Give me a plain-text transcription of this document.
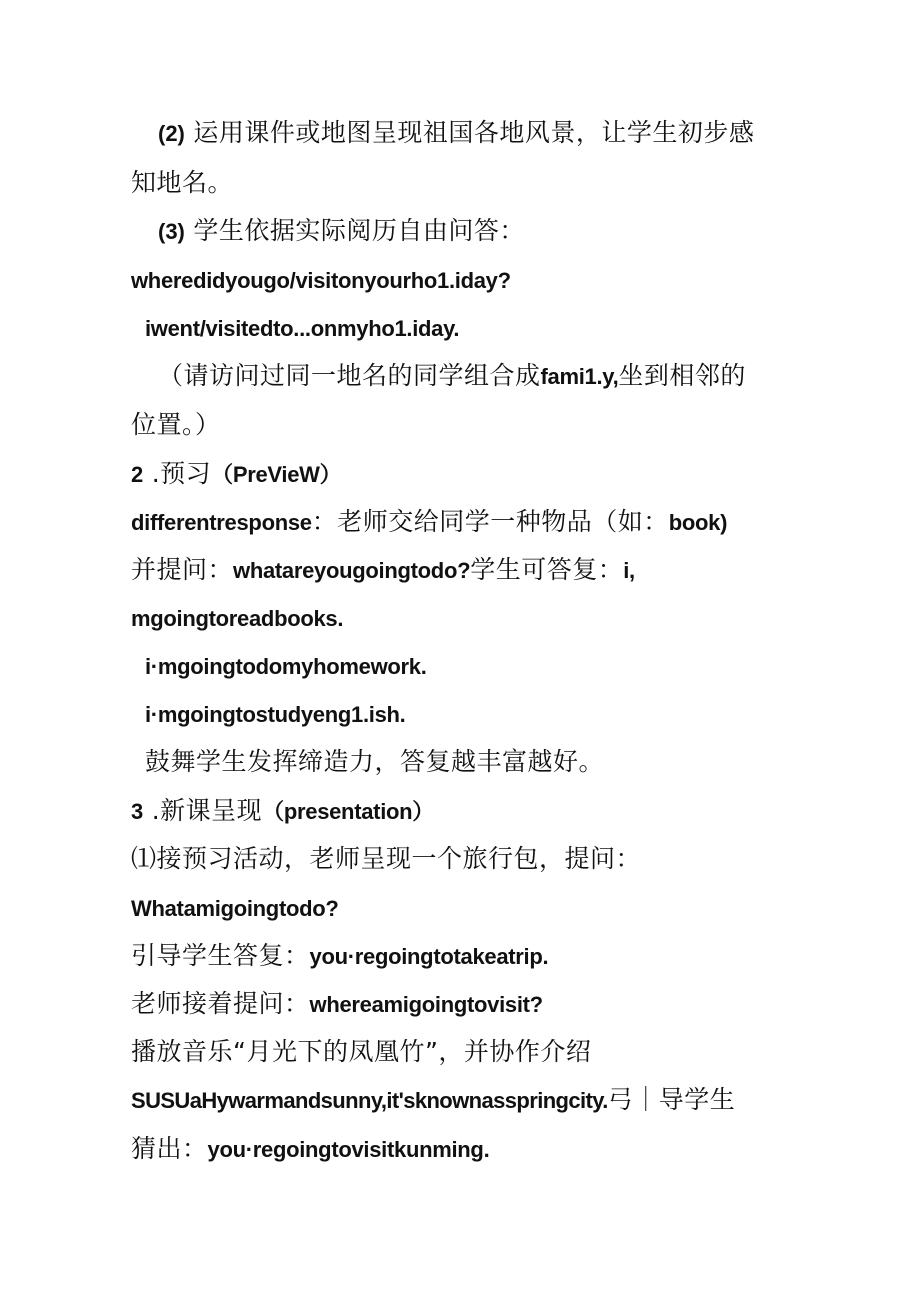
(2) 运用课件或地图呈现祖国各地风景，让学生初步感
知地名。
(3) 学生依据实际阅历自由问答：
wheredidyougo/visitonyourho1.iday?
iwent/visitedto...onmyho1.iday.
（请访问过同一地名的同学组合成fami1.y,坐到相邻的
位置。）
2 .预习（PreVieW）
differentresponse：老师交给同学一种物品（如：book)
并提问：whatareyougoingtodo?学生可答复：i,
mgoingtoreadbooks.
i·mgoingtodomyhomework.
i·mgoingtostudyeng1.ish.
鼓舞学生发挥缔造力，答复越丰富越好。
3 .新课呈现（presentation）
⑴接预习活动，老师呈现一个旅行包，提问：
Whatamigoingtodo?
引导学生答复：you·regoingtotakeatrip.
老师接着提问：whereamigoingtovisit?
播放音乐“月光下的凤凰竹”，并协作介绍
SUSUaHywarmandsunny,it'sknownasspringcity.弓｜导学生
猜出：you·regoingtovisitkunming.
